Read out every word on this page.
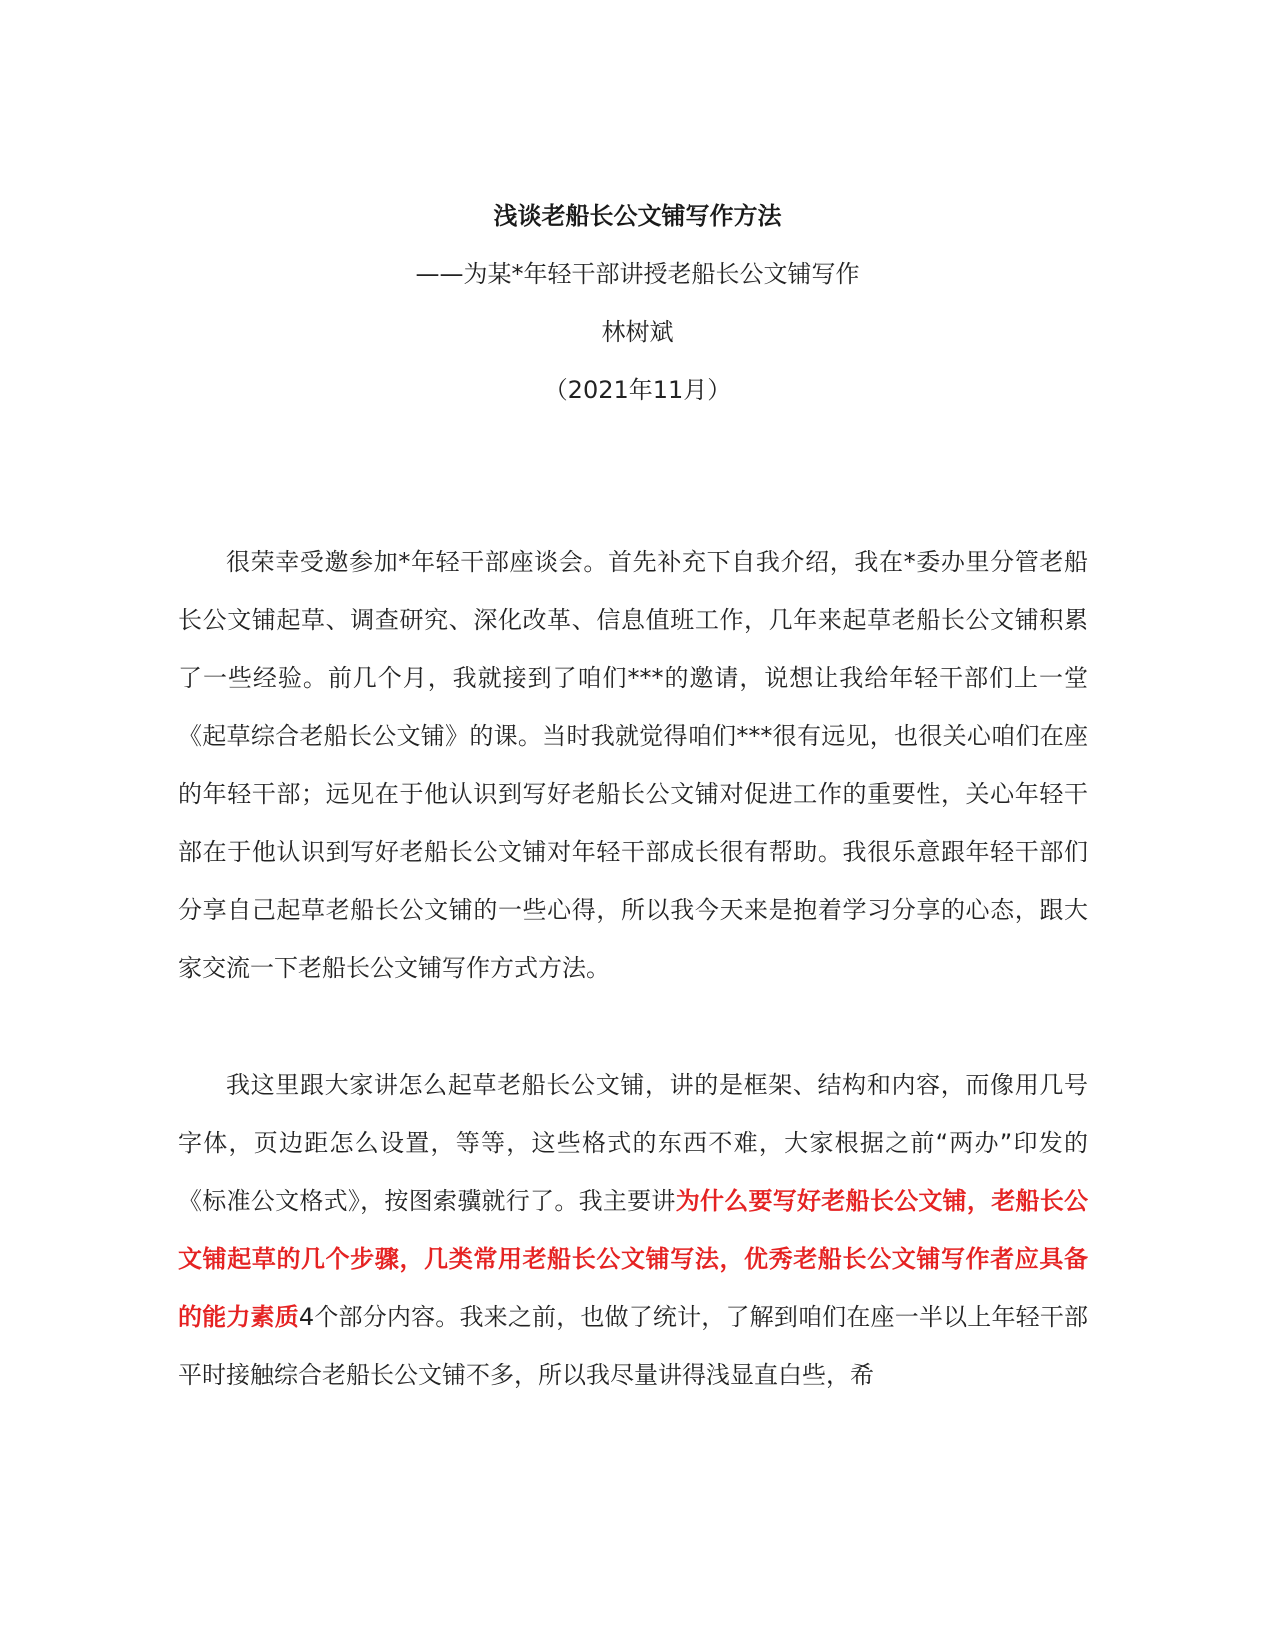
浅谈老船长公文铺写作方法
——为某*年轻干部讲授老船长公文铺写作
林树斌
（2021年11月）

很荣幸受邀参加*年轻干部座谈会。首先补充下自我介绍，我在*委办里分管老船长公文铺起草、调查研究、深化改革、信息值班工作，几年来起草老船长公文铺积累了一些经验。前几个月，我就接到了咱们***的邀请，说想让我给年轻干部们上一堂《起草综合老船长公文铺》的课。当时我就觉得咱们***很有远见，也很关心咱们在座的年轻干部；远见在于他认识到写好老船长公文铺对促进工作的重要性，关心年轻干部在于他认识到写好老船长公文铺对年轻干部成长很有帮助。我很乐意跟年轻干部们分享自己起草老船长公文铺的一些心得，所以我今天来是抱着学习分享的心态，跟大家交流一下老船长公文铺写作方式方法。

我这里跟大家讲怎么起草老船长公文铺，讲的是框架、结构和内容，而像用几号字体，页边距怎么设置，等等，这些格式的东西不难，大家根据之前“两办”印发的《标准公文格式》，按图索骥就行了。我主要讲为什么要写好老船长公文铺，老船长公文铺起草的几个步骤，几类常用老船长公文铺写法，优秀老船长公文铺写作者应具备的能力素质4个部分内容。我来之前，也做了统计，了解到咱们在座一半以上年轻干部平时接触综合老船长公文铺不多，所以我尽量讲得浅显直白些，希
